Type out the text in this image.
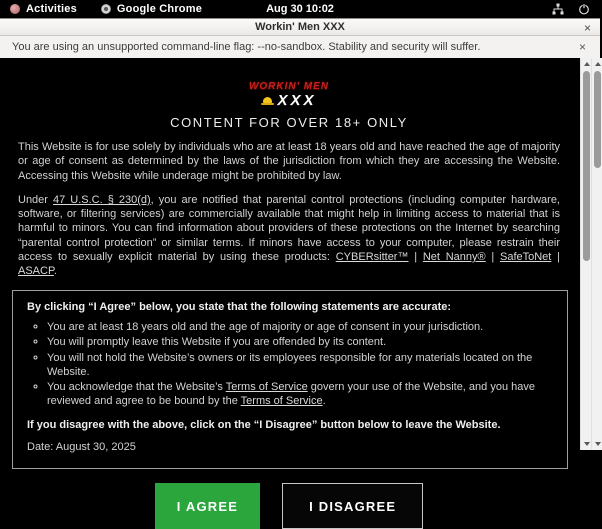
Activities	Google Chrome	Aug 30 10:02
Workin' Men XXX	×
You are using an unsupported command-line flag: --no-sandbox. Stability and security will suffer.	×
WORKIN' MEN
XXX
CONTENT FOR OVER 18+ ONLY

This Website is for use solely by individuals who are at least 18 years old and have reached the age of majority or age of consent as determined by the laws of the jurisdiction from which they are accessing the Website. Accessing this Website while underage might be prohibited by law.

Under 47 U.S.C. § 230(d), you are notified that parental control protections (including computer hardware, software, or filtering services) are commercially available that might help in limiting access to material that is harmful to minors. You can find information about providers of these protections on the Internet by searching “parental control protection” or similar terms. If minors have access to your computer, please restrain their access to sexually explicit material by using these products: CYBERsitter™ | Net Nanny® | SafeToNet | ASACP.

By clicking “I Agree” below, you state that the following statements are accurate:
◦ You are at least 18 years old and the age of majority or age of consent in your jurisdiction.
◦ You will promptly leave this Website if you are offended by its content.
◦ You will not hold the Website’s owners or its employees responsible for any materials located on the Website.
◦ You acknowledge that the Website’s Terms of Service govern your use of the Website, and you have reviewed and agree to be bound by the Terms of Service.
If you disagree with the above, click on the “I Disagree” button below to leave the Website.
Date: August 30, 2025
I AGREE	I DISAGREE
